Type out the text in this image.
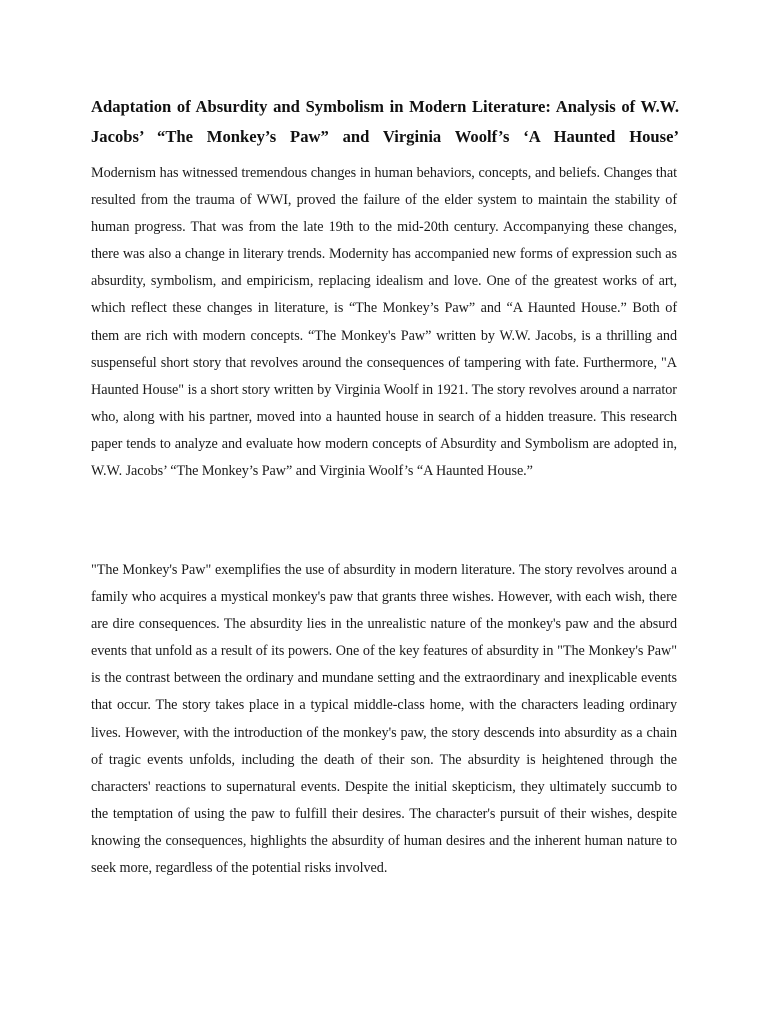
Adaptation of Absurdity and Symbolism in Modern Literature: Analysis of W.W. Jacobs’ “The Monkey’s Paw” and Virginia Woolf’s ‘A Haunted House’

Modernism has witnessed tremendous changes in human behaviors, concepts, and beliefs. Changes that resulted from the trauma of WWI, proved the failure of the elder system to maintain the stability of human progress. That was from the late 19th to the mid-20th century. Accompanying these changes, there was also a change in literary trends. Modernity has accompanied new forms of expression such as absurdity, symbolism, and empiricism, replacing idealism and love. One of the greatest works of art, which reflect these changes in literature, is “The Monkey’s Paw” and “A Haunted House.” Both of them are rich with modern concepts. “The Monkey's Paw” written by W.W. Jacobs, is a thrilling and suspenseful short story that revolves around the consequences of tampering with fate. Furthermore, "A Haunted House" is a short story written by Virginia Woolf in 1921. The story revolves around a narrator who, along with his partner, moved into a haunted house in search of a hidden treasure. This research paper tends to analyze and evaluate how modern concepts of Absurdity and Symbolism are adopted in, W.W. Jacobs’ “The Monkey’s Paw” and Virginia Woolf’s “A Haunted House.”

"The Monkey's Paw" exemplifies the use of absurdity in modern literature. The story revolves around a family who acquires a mystical monkey's paw that grants three wishes. However, with each wish, there are dire consequences. The absurdity lies in the unrealistic nature of the monkey's paw and the absurd events that unfold as a result of its powers. One of the key features of absurdity in "The Monkey's Paw" is the contrast between the ordinary and mundane setting and the extraordinary and inexplicable events that occur. The story takes place in a typical middle-class home, with the characters leading ordinary lives. However, with the introduction of the monkey's paw, the story descends into absurdity as a chain of tragic events unfolds, including the death of their son. The absurdity is heightened through the characters' reactions to supernatural events. Despite the initial skepticism, they ultimately succumb to the temptation of using the paw to fulfill their desires. The character's pursuit of their wishes, despite knowing the consequences, highlights the absurdity of human desires and the inherent human nature to seek more, regardless of the potential risks involved.
